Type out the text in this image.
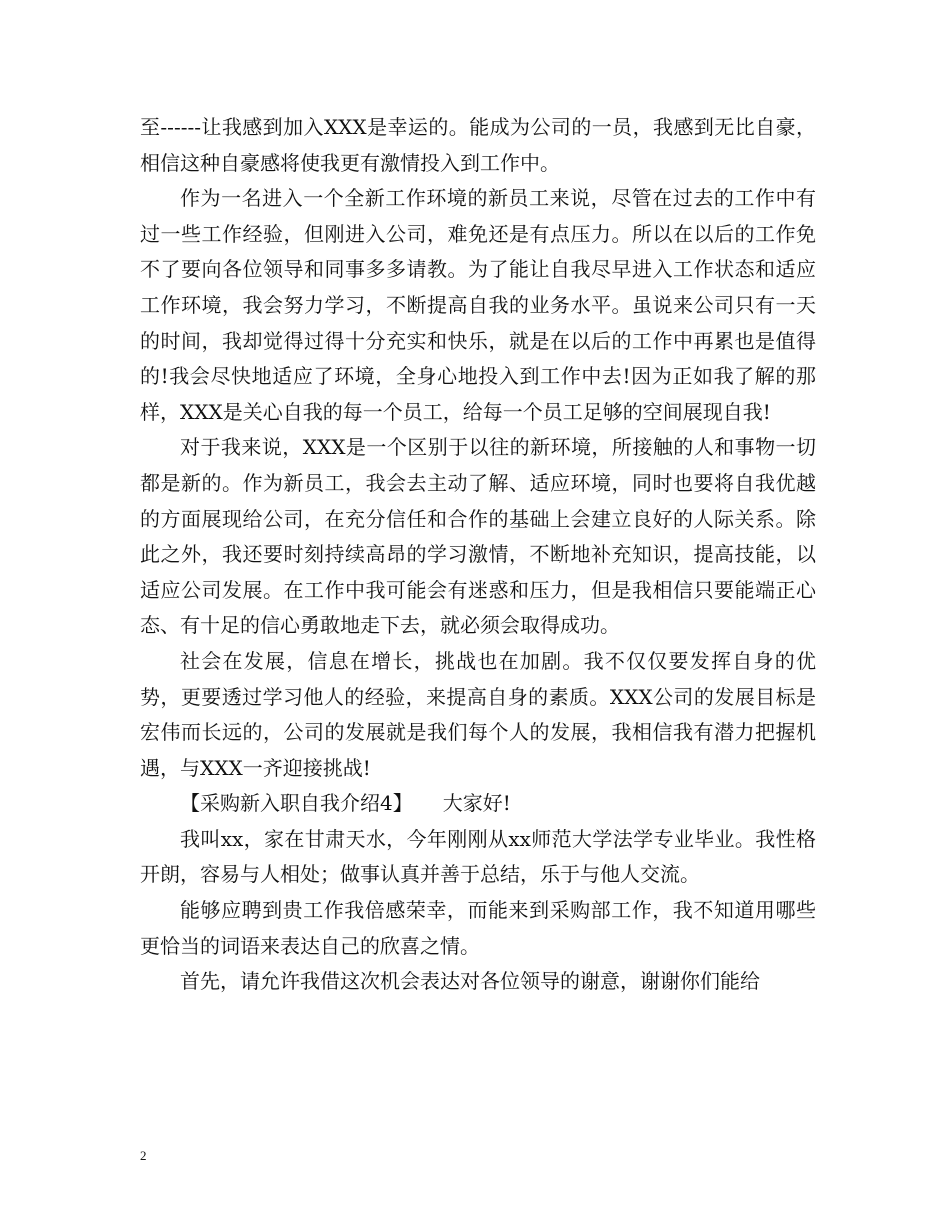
至------让我感到加入XXX是幸运的。能成为公司的一员，我感到无比自豪，相信这种自豪感将使我更有激情投入到工作中。

作为一名进入一个全新工作环境的新员工来说，尽管在过去的工作中有过一些工作经验，但刚进入公司，难免还是有点压力。所以在以后的工作免不了要向各位领导和同事多多请教。为了能让自我尽早进入工作状态和适应工作环境，我会努力学习，不断提高自我的业务水平。虽说来公司只有一天的时间，我却觉得过得十分充实和快乐，就是在以后的工作中再累也是值得的!我会尽快地适应了环境，全身心地投入到工作中去!因为正如我了解的那样，XXX是关心自我的每一个员工，给每一个员工足够的空间展现自我!

对于我来说，XXX是一个区别于以往的新环境，所接触的人和事物一切都是新的。作为新员工，我会去主动了解、适应环境，同时也要将自我优越的方面展现给公司，在充分信任和合作的基础上会建立良好的人际关系。除此之外，我还要时刻持续高昂的学习激情，不断地补充知识，提高技能，以适应公司发展。在工作中我可能会有迷惑和压力，但是我相信只要能端正心态、有十足的信心勇敢地走下去，就必须会取得成功。

社会在发展，信息在增长，挑战也在加剧。我不仅仅要发挥自身的优势，更要透过学习他人的经验，来提高自身的素质。XXX公司的发展目标是宏伟而长远的，公司的发展就是我们每个人的发展，我相信我有潜力把握机遇，与XXX一齐迎接挑战!

【采购新入职自我介绍4】　　大家好!

我叫xx，家在甘肃天水，今年刚刚从xx师范大学法学专业毕业。我性格开朗，容易与人相处；做事认真并善于总结，乐于与他人交流。

能够应聘到贵工作我倍感荣幸，而能来到采购部工作，我不知道用哪些更恰当的词语来表达自己的欣喜之情。

首先，请允许我借这次机会表达对各位领导的谢意，谢谢你们能给

2
